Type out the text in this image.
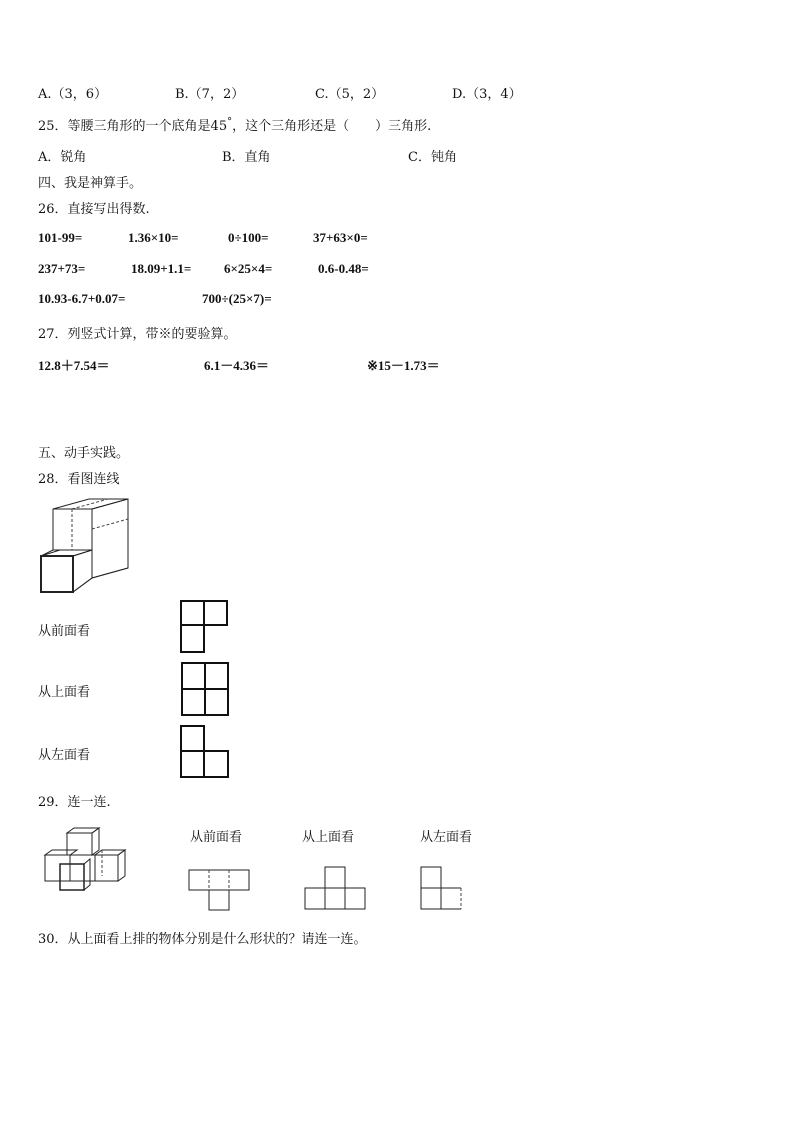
A.（3，6）	B.（7，2）	C.（5，2）	D.（3，4）
25．等腰三角形的一个底角是45°，这个三角形还是（　　）三角形.
A．锐角	B．直角	C．钝角
四、我是神算手。
26．直接写出得数.
101-99=	1.36×10=	0÷100=	37+63×0=
237+73=	18.09+1.1=	6×25×4=	0.6-0.48=
10.93-6.7+0.07=	700÷(25×7)=
27．列竖式计算，带※的要验算。
12.8＋7.54＝	6.1－4.36＝	※15－1.73＝
五、动手实践。
28．看图连线
从前面看
从上面看
从左面看
29．连一连.
从前面看	从上面看	从左面看
30．从上面看上排的物体分别是什么形状的？请连一连。
